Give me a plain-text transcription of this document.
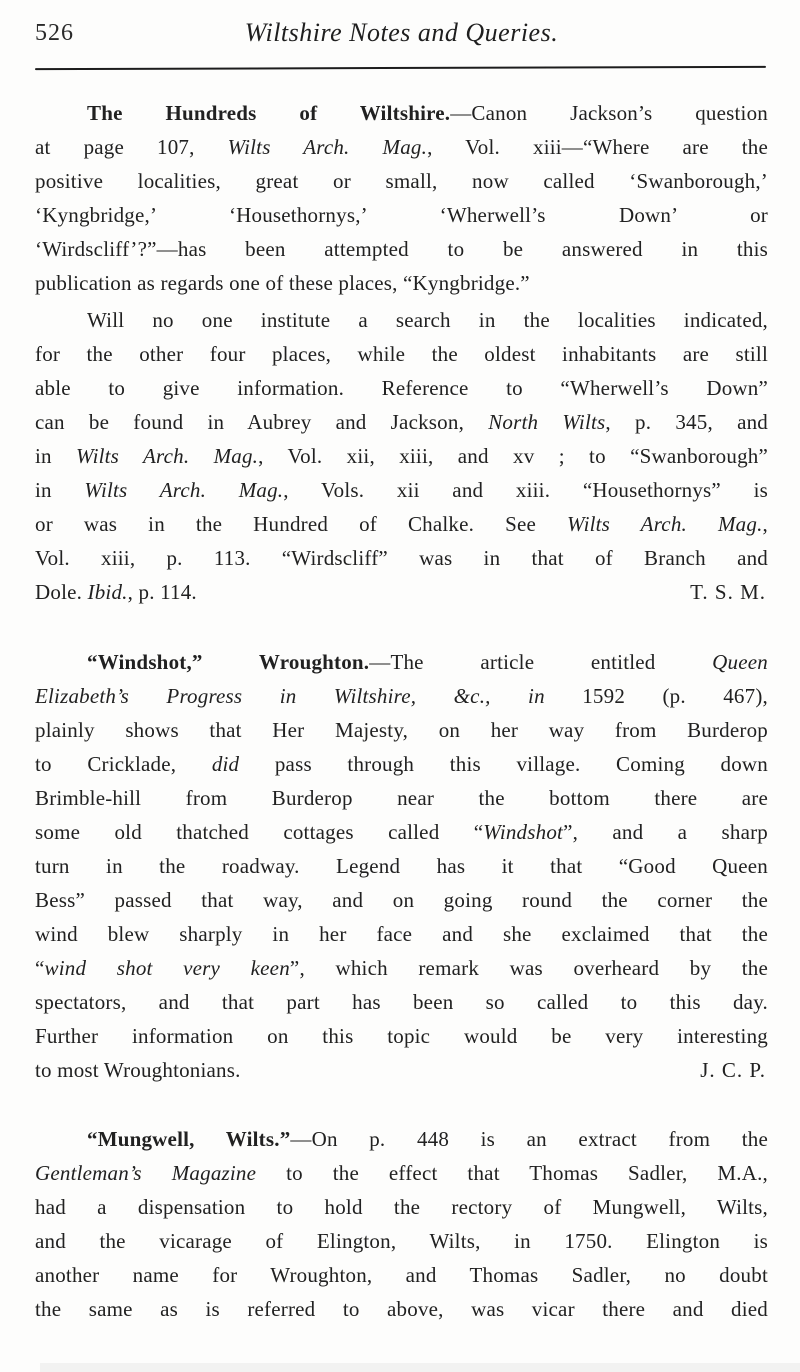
526	Wiltshire Notes and Queries.
The Hundreds of Wiltshire.—Canon Jackson’s question
at page 107, Wilts Arch. Mag., Vol. xiii—“Where are the
positive localities, great or small, now called ‘Swanborough,’
‘Kyngbridge,’ ‘Housethornys,’ ‘Wherwell’s Down’ or
‘Wirdscliff’?”—has been attempted to be answered in this
publication as regards one of these places, “Kyngbridge.”
Will no one institute a search in the localities indicated,
for the other four places, while the oldest inhabitants are still
able to give information. Reference to “Wherwell’s Down”
can be found in Aubrey and Jackson, North Wilts, p. 345, and
in Wilts Arch. Mag., Vol. xii, xiii, and xv ; to “Swanborough”
in Wilts Arch. Mag., Vols. xii and xiii. “Housethornys” is
or was in the Hundred of Chalke. See Wilts Arch. Mag.,
Vol. xiii, p. 113. “Wirdscliff” was in that of Branch and
Dole. Ibid., p. 114.	T. S. M.
“Windshot,” Wroughton.—The article entitled Queen
Elizabeth’s Progress in Wiltshire, &c., in 1592 (p. 467),
plainly shows that Her Majesty, on her way from Burderop
to Cricklade, did pass through this village. Coming down
Brimble-hill from Burderop near the bottom there are
some old thatched cottages called “Windshot”, and a sharp
turn in the roadway. Legend has it that “Good Queen
Bess” passed that way, and on going round the corner the
wind blew sharply in her face and she exclaimed that the
“wind shot very keen”, which remark was overheard by the
spectators, and that part has been so called to this day.
Further information on this topic would be very interesting
to most Wroughtonians.	J. C. P.
“Mungwell, Wilts.”—On p. 448 is an extract from the
Gentleman’s Magazine to the effect that Thomas Sadler, M.A.,
had a dispensation to hold the rectory of Mungwell, Wilts,
and the vicarage of Elington, Wilts, in 1750. Elington is
another name for Wroughton, and Thomas Sadler, no doubt
the same as is referred to above, was vicar there and died
